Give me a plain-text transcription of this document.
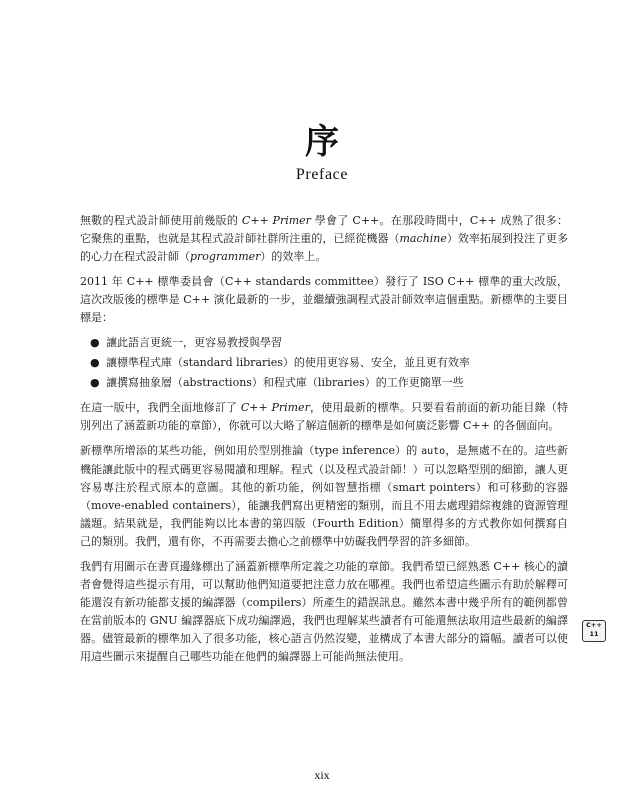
序
Preface

無數的程式設計師使用前幾版的 C++ Primer 學會了 C++。在那段時間中，C++ 成熟了很多：它聚焦的重點，也就是其程式設計師社群所注重的，已經從機器（machine）效率拓展到投注了更多的心力在程式設計師（programmer）的效率上。

2011 年 C++ 標準委員會（C++ standards committee）發行了 ISO C++ 標準的重大改版，這次改版後的標準是 C++ 演化最新的一步，並繼續強調程式設計師效率這個重點。新標準的主要目標是：

● 讓此語言更統一，更容易教授與學習
● 讓標準程式庫（standard libraries）的使用更容易、安全，並且更有效率
● 讓撰寫抽象層（abstractions）和程式庫（libraries）的工作更簡單一些

在這一版中，我們全面地修訂了 C++ Primer，使用最新的標準。只要看看前面的新功能目錄（特別列出了涵蓋新功能的章節），你就可以大略了解這個新的標準是如何廣泛影響 C++ 的各個面向。

新標準所增添的某些功能，例如用於型別推論（type inference）的 auto，是無處不在的。這些新機能讓此版中的程式碼更容易閱讀和理解。程式（以及程式設計師！）可以忽略型別的細節，讓人更容易專注於程式原本的意圖。其他的新功能，例如智慧指標（smart pointers）和可移動的容器（move-enabled containers），能讓我們寫出更精密的類別，而且不用去處理錯綜複雜的資源管理議題。結果就是，我們能夠以比本書的第四版（Fourth Edition）簡單得多的方式教你如何撰寫自己的類別。我們，還有你，不再需要去擔心之前標準中妨礙我們學習的許多細節。

我們有用圖示在書頁邊緣標出了涵蓋新標準所定義之功能的章節。我們希望已經熟悉 C++ 核心的讀者會覺得這些提示有用，可以幫助他們知道要把注意力放在哪裡。我們也希望這些圖示有助於解釋可能還沒有新功能都支援的編譯器（compilers）所產生的錯誤訊息。雖然本書中幾乎所有的範例都曾在當前版本的 GNU 編譯器底下成功編譯過，我們也理解某些讀者有可能還無法取用這些最新的編譯器。儘管最新的標準加入了很多功能，核心語言仍然沒變，並構成了本書大部分的篇幅。讀者可以使用這些圖示來提醒自己哪些功能在他們的編譯器上可能尚無法使用。

C++
11
xix
